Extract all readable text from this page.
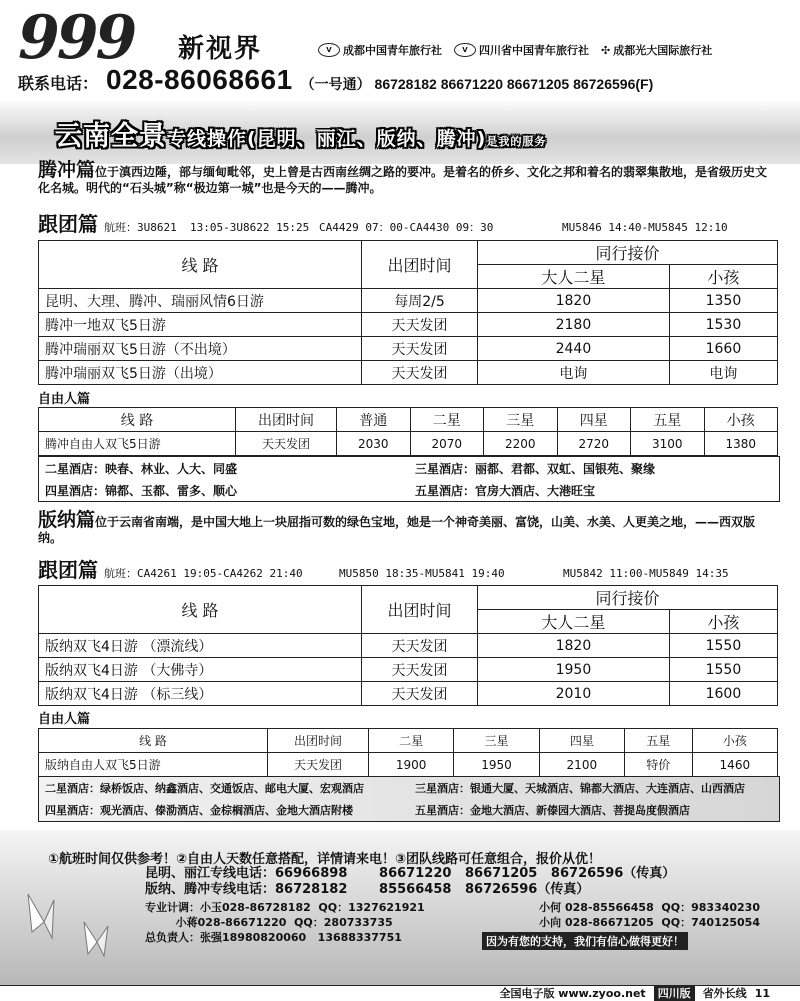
999 新视界	V	成都中国青年旅行社	V	四川省中国青年旅行社 ✣ 成都光大国际旅行社
联系电话： 028-86068661 （一号通） 86728182 86671220 86671205 86726596(F)
云南全景专线操作(昆明、丽江、版纳、腾冲)是我的服务
腾冲篇位于滇西边陲，部与缅甸毗邻，史上曾是古西南丝绸之路的要冲。是着名的侨乡、文化之邦和着名的翡翠集散地，是省级历史文化名城。明代的“石头城”称“极边第一城”也是今天的——腾冲。
跟团篇 航班：3U8621  13:05-3U8622 15:25 CA4429 07：00-CA4430 09：30	MU5846 14:40-MU5845 12:10
线 路	出团时间	同行接价	
		大人二星	小孩
昆明、大理、腾冲、瑞丽风情6日游	每周2/5	1820	1350
腾冲一地双飞5日游	天天发团	2180	1530
腾冲瑞丽双飞5日游（不出境）	天天发团	2440	1660
腾冲瑞丽双飞5日游（出境）	天天发团	电询	电询
自由人篇
线 路	出团时间	普通	二星	三星	四星	五星	小孩
腾冲自由人双飞5日游	天天发团	2030	2070	2200	2720	3100	1380
二星酒店：映春、林业、人大、同盛	三星酒店：丽都、君都、双虹、国银苑、聚缘
四星酒店：锦都、玉都、雷多、顺心	五星酒店：官房大酒店、大港旺宝
版纳篇位于云南省南端，是中国大地上一块屈指可数的绿色宝地，她是一个神奇美丽、富饶，山美、水美、人更美之地，——西双版纳。
跟团篇 航班：CA4261 19:05-CA4262 21:40	MU5850 18:35-MU5841 19:40	MU5842 11:00-MU5849 14:35
线 路	出团时间	同行接价	
		大人二星	小孩
版纳双飞4日游 （漂流线）	天天发团	1820	1550
版纳双飞4日游 （大佛寺）	天天发团	1950	1550
版纳双飞4日游 （标三线）	天天发团	2010	1600
自由人篇
线 路	出团时间	二星	三星	四星	五星	小孩
版纳自由人双飞5日游	天天发团	1900	1950	2100	特价	1460
二星酒店：绿桥饭店、纳鑫酒店、交通饭店、邮电大厦、宏观酒店	三星酒店：银通大厦、天城酒店、锦都大酒店、大连酒店、山西酒店
四星酒店：观光酒店、傣泐酒店、金棕榈酒店、金地大酒店附楼	五星酒店：金地大酒店、新傣园大酒店、菩提岛度假酒店
①航班时间仅供参考！②自由人天数任意搭配，详情请来电！③团队线路可任意组合，报价从优！
昆明、丽江专线电话：66966898       86671220   86671205   86726596（传真）
版纳、腾冲专线电话：86728182       85566458   86726596（传真）
专业计调：小玉028-86728182  QQ：1327621921	小何 028-85566458  QQ：983340230
小蒋028-86671220  QQ：280733735	小向 028-86671205  QQ：740125054
总负责人：张强18980820060   13688337751	因为有您的支持，我们有信心做得更好！
全国电子版 www.zyoo.net	四川版	省外长线 11
